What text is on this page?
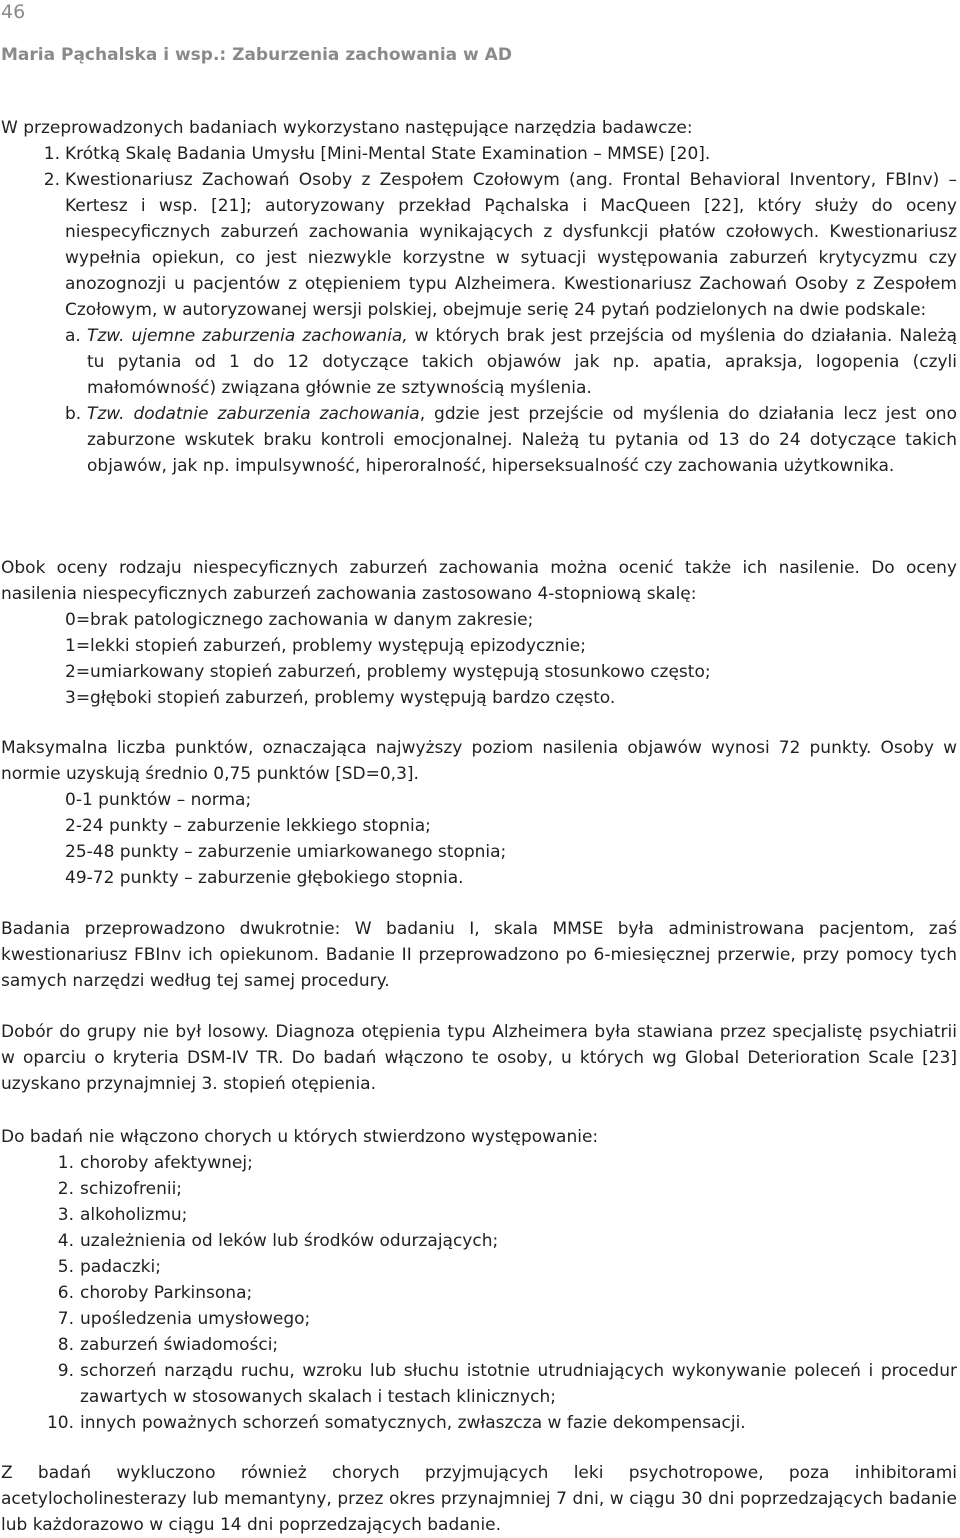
46
Maria Pąchalska i wsp.: Zaburzenia zachowania w AD

W przeprowadzonych badaniach wykorzystano następujące narzędzia badawcze:

1. Krótką Skalę Badania Umysłu [Mini-Mental State Examination – MMSE) [20].
2. Kwestionariusz Zachowań Osoby z Zespołem Czołowym (ang. Frontal Behavioral Inventory, FBInv) – Kertesz i wsp. [21]; autoryzowany przekład Pąchalska i MacQueen [22], który służy do oceny niespecyficznych zaburzeń zachowania wynikających z dysfunkcji płatów czołowych. Kwestionariusz wypełnia opiekun, co jest niezwykle korzystne w sytuacji występowania zaburzeń krytycyzmu czy anozognozji u pacjentów z otępieniem typu Alzheimera. Kwestionariusz Zachowań Osoby z Zespołem Czołowym, w autoryzowanej wersji polskiej, obejmuje serię 24 pytań podzielonych na dwie podskale:
a. Tzw. ujemne zaburzenia zachowania, w których brak jest przejścia od myślenia do działania. Należą tu pytania od 1 do 12 dotyczące takich objawów jak np. apatia, apraksja, logopenia (czyli małomówność) związana głównie ze sztywnością myślenia.
b. Tzw. dodatnie zaburzenia zachowania, gdzie jest przejście od myślenia do działania lecz jest ono zaburzone wskutek braku kontroli emocjonalnej. Należą tu pytania od 13 do 24 dotyczące takich objawów, jak np. impulsywność, hiperoralność, hiperseksualność czy zachowania użytkownika.

Obok oceny rodzaju niespecyficznych zaburzeń zachowania można ocenić także ich nasilenie. Do oceny nasilenia niespecyficznych zaburzeń zachowania zastosowano 4-stopniową skalę:

0=brak patologicznego zachowania w danym zakresie;
1=lekki stopień zaburzeń, problemy występują epizodycznie;
2=umiarkowany stopień zaburzeń, problemy występują stosunkowo często;
3=głęboki stopień zaburzeń, problemy występują bardzo często.

Maksymalna liczba punktów, oznaczająca najwyższy poziom nasilenia objawów wynosi 72 punkty. Osoby w normie uzyskują średnio 0,75 punktów [SD=0,3].

0-1 punktów – norma;
2-24 punkty – zaburzenie lekkiego stopnia;
25-48 punkty – zaburzenie umiarkowanego stopnia;
49-72 punkty – zaburzenie głębokiego stopnia.

Badania przeprowadzono dwukrotnie: W badaniu I, skala MMSE była administrowana pacjentom, zaś kwestionariusz FBInv ich opiekunom. Badanie II przeprowadzono po 6-miesięcznej przerwie, przy pomocy tych samych narzędzi według tej samej procedury.

Dobór do grupy nie był losowy. Diagnoza otępienia typu Alzheimera była stawiana przez specjalistę psychiatrii w oparciu o kryteria DSM-IV TR. Do badań włączono te osoby, u których wg Global Deterioration Scale [23] uzyskano przynajmniej 3. stopień otępienia.

Do badań nie włączono chorych u których stwierdzono występowanie:

1. choroby afektywnej;
2. schizofrenii;
3. alkoholizmu;
4. uzależnienia od leków lub środków odurzających;
5. padaczki;
6. choroby Parkinsona;
7. upośledzenia umysłowego;
8. zaburzeń świadomości;
9. schorzeń narządu ruchu, wzroku lub słuchu istotnie utrudniających wykonywanie poleceń i procedur zawartych w stosowanych skalach i testach klinicznych;
10. innych poważnych schorzeń somatycznych, zwłaszcza w fazie dekompensacji.

Z badań wykluczono również chorych przyjmujących leki psychotropowe, poza inhibitorami acetylocholinesterazy lub memantyny, przez okres przynajmniej 7 dni, w ciągu 30 dni poprzedzających badanie lub każdorazowo w ciągu 14 dni poprzedzających badanie.
